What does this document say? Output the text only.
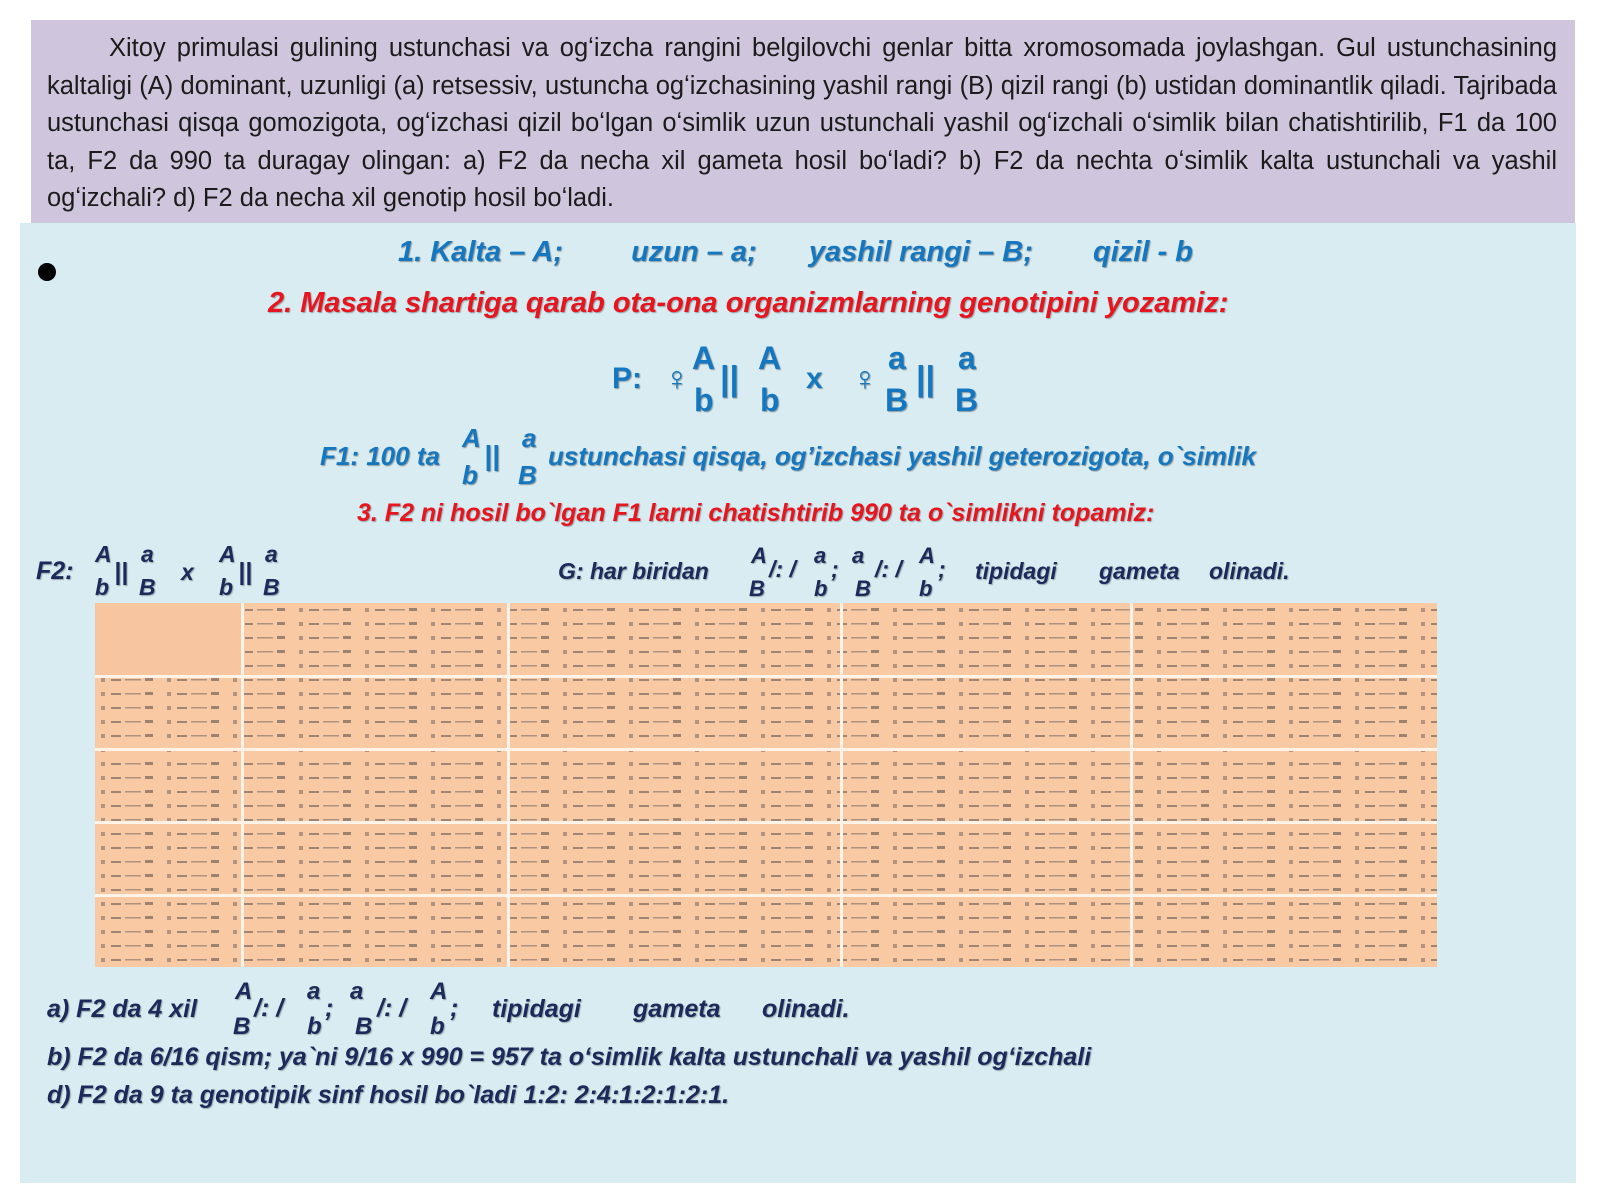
Xitoy primulasi gulining ustunchasi va ogʻizcha rangini belgilovchi genlar bitta xromosomada joylashgan. Gul ustunchasining kaltaligi (A) dominant, uzunligi (a) retsessiv, ustuncha ogʻizchasining yashil rangi (B) qizil rangi (b) ustidan dominantlik qiladi. Tajribada ustunchasi qisqa gomozigota, ogʻizchasi qizil boʻlgan oʻsimlik uzun ustunchali yashil ogʻizchali oʻsimlik bilan chatishtirilib, F1 da 100 ta, F2 da 990 ta duragay olingan: a) F2 da necha xil gameta hosil boʻladi? b) F2 da nechta oʻsimlik kalta ustunchali va yashil ogʻizchali? d) F2 da necha xil genotip hosil boʻladi.

1. Kalta – A; uzun – a; yashil rangi – B; qizil - b
2. Masala shartiga qarab ota-ona organizmlarning genotipini yozamiz:
P: ♀
A
b
||
A
b
x ♀
a
B
||
a
B
F1: 100 ta
A
b
||
a
B
ustunchasi qisqa, og’izchasi yashil geterozigota, o`simlik
3. F2 ni hosil bo`lgan F1 larni chatishtirib 990 ta o`simlikni topamiz:
F2:
A
b
||
a
B
x
A
b
||
a
B
G: har biridan
A
B
/: /
a
b
;
a
B
/: /
A
b
; tipidagi gameta olinadi.
a) F2 da 4 xil
A
B
/: /
a
b
;
a
B
/: /
A
b
; tipidagi gameta olinadi.
b) F2 da 6/16 qism; ya`ni 9/16 x 990 = 957 ta o‘simlik kalta ustunchali va yashil og‘izchali
d) F2 da 9 ta genotipik sinf hosil bo`ladi 1:2: 2:4:1:2:1:2:1.
